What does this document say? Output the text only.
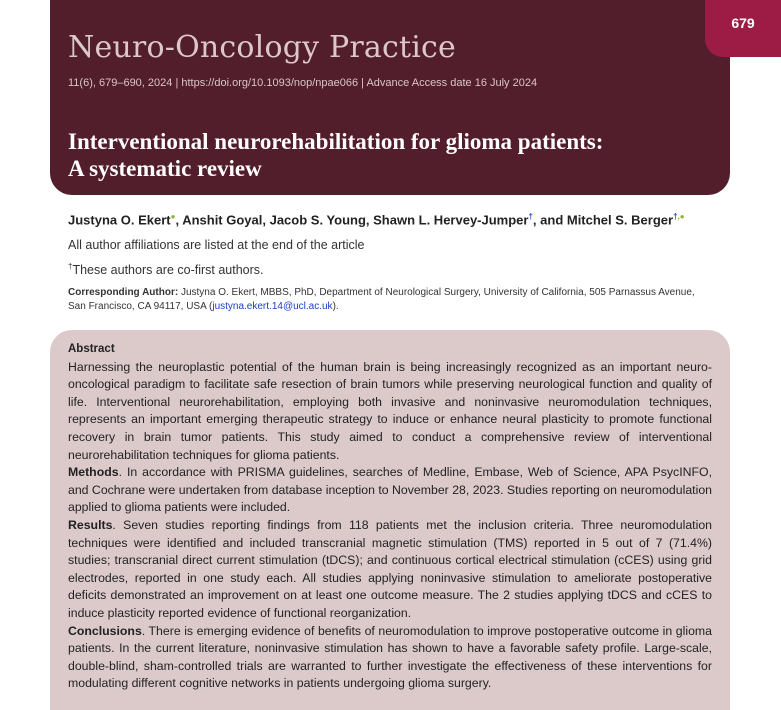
Neuro-Oncology Practice
11(6), 679–690, 2024 | https://doi.org/10.1093/nop/npae066 | Advance Access date 16 July 2024
Interventional neurorehabilitation for glioma patients:
A systematic review
679
Justyna O. Ekert●, Anshit Goyal, Jacob S. Young, Shawn L. Hervey-Jumper†, and Mitchel S. Berger†,●
All author affiliations are listed at the end of the article
†These authors are co-first authors.
Corresponding Author: Justyna O. Ekert, MBBS, PhD, Department of Neurological Surgery, University of California, 505 Parnassus Avenue, San Francisco, CA 94117, USA (justyna.ekert.14@ucl.ac.uk).
Abstract

Harnessing the neuroplastic potential of the human brain is being increasingly recognized as an important neuro-oncological paradigm to facilitate safe resection of brain tumors while preserving neurological function and quality of life. Interventional neurorehabilitation, employing both invasive and noninvasive neuromodulation techniques, represents an important emerging therapeutic strategy to induce or enhance neural plasticity to promote functional recovery in brain tumor patients. This study aimed to conduct a comprehensive review of interventional neurorehabilitation techniques for glioma patients.

Methods. In accordance with PRISMA guidelines, searches of Medline, Embase, Web of Science, APA PsycINFO, and Cochrane were undertaken from database inception to November 28, 2023. Studies reporting on neuromodulation applied to glioma patients were included.

Results. Seven studies reporting findings from 118 patients met the inclusion criteria. Three neuromodulation techniques were identified and included transcranial magnetic stimulation (TMS) reported in 5 out of 7 (71.4%) studies; transcranial direct current stimulation (tDCS); and continuous cortical electrical stimulation (cCES) using grid electrodes, reported in one study each. All studies applying noninvasive stimulation to ameliorate postoperative deficits demonstrated an improvement on at least one outcome measure. The 2 studies applying tDCS and cCES to induce plasticity reported evidence of functional reorganization.

Conclusions. There is emerging evidence of benefits of neuromodulation to improve postoperative outcome in glioma patients. In the current literature, noninvasive stimulation has shown to have a favorable safety profile. Large-scale, double-blind, sham-controlled trials are warranted to further investigate the effectiveness of these interventions for modulating different cognitive networks in patients undergoing glioma surgery.
